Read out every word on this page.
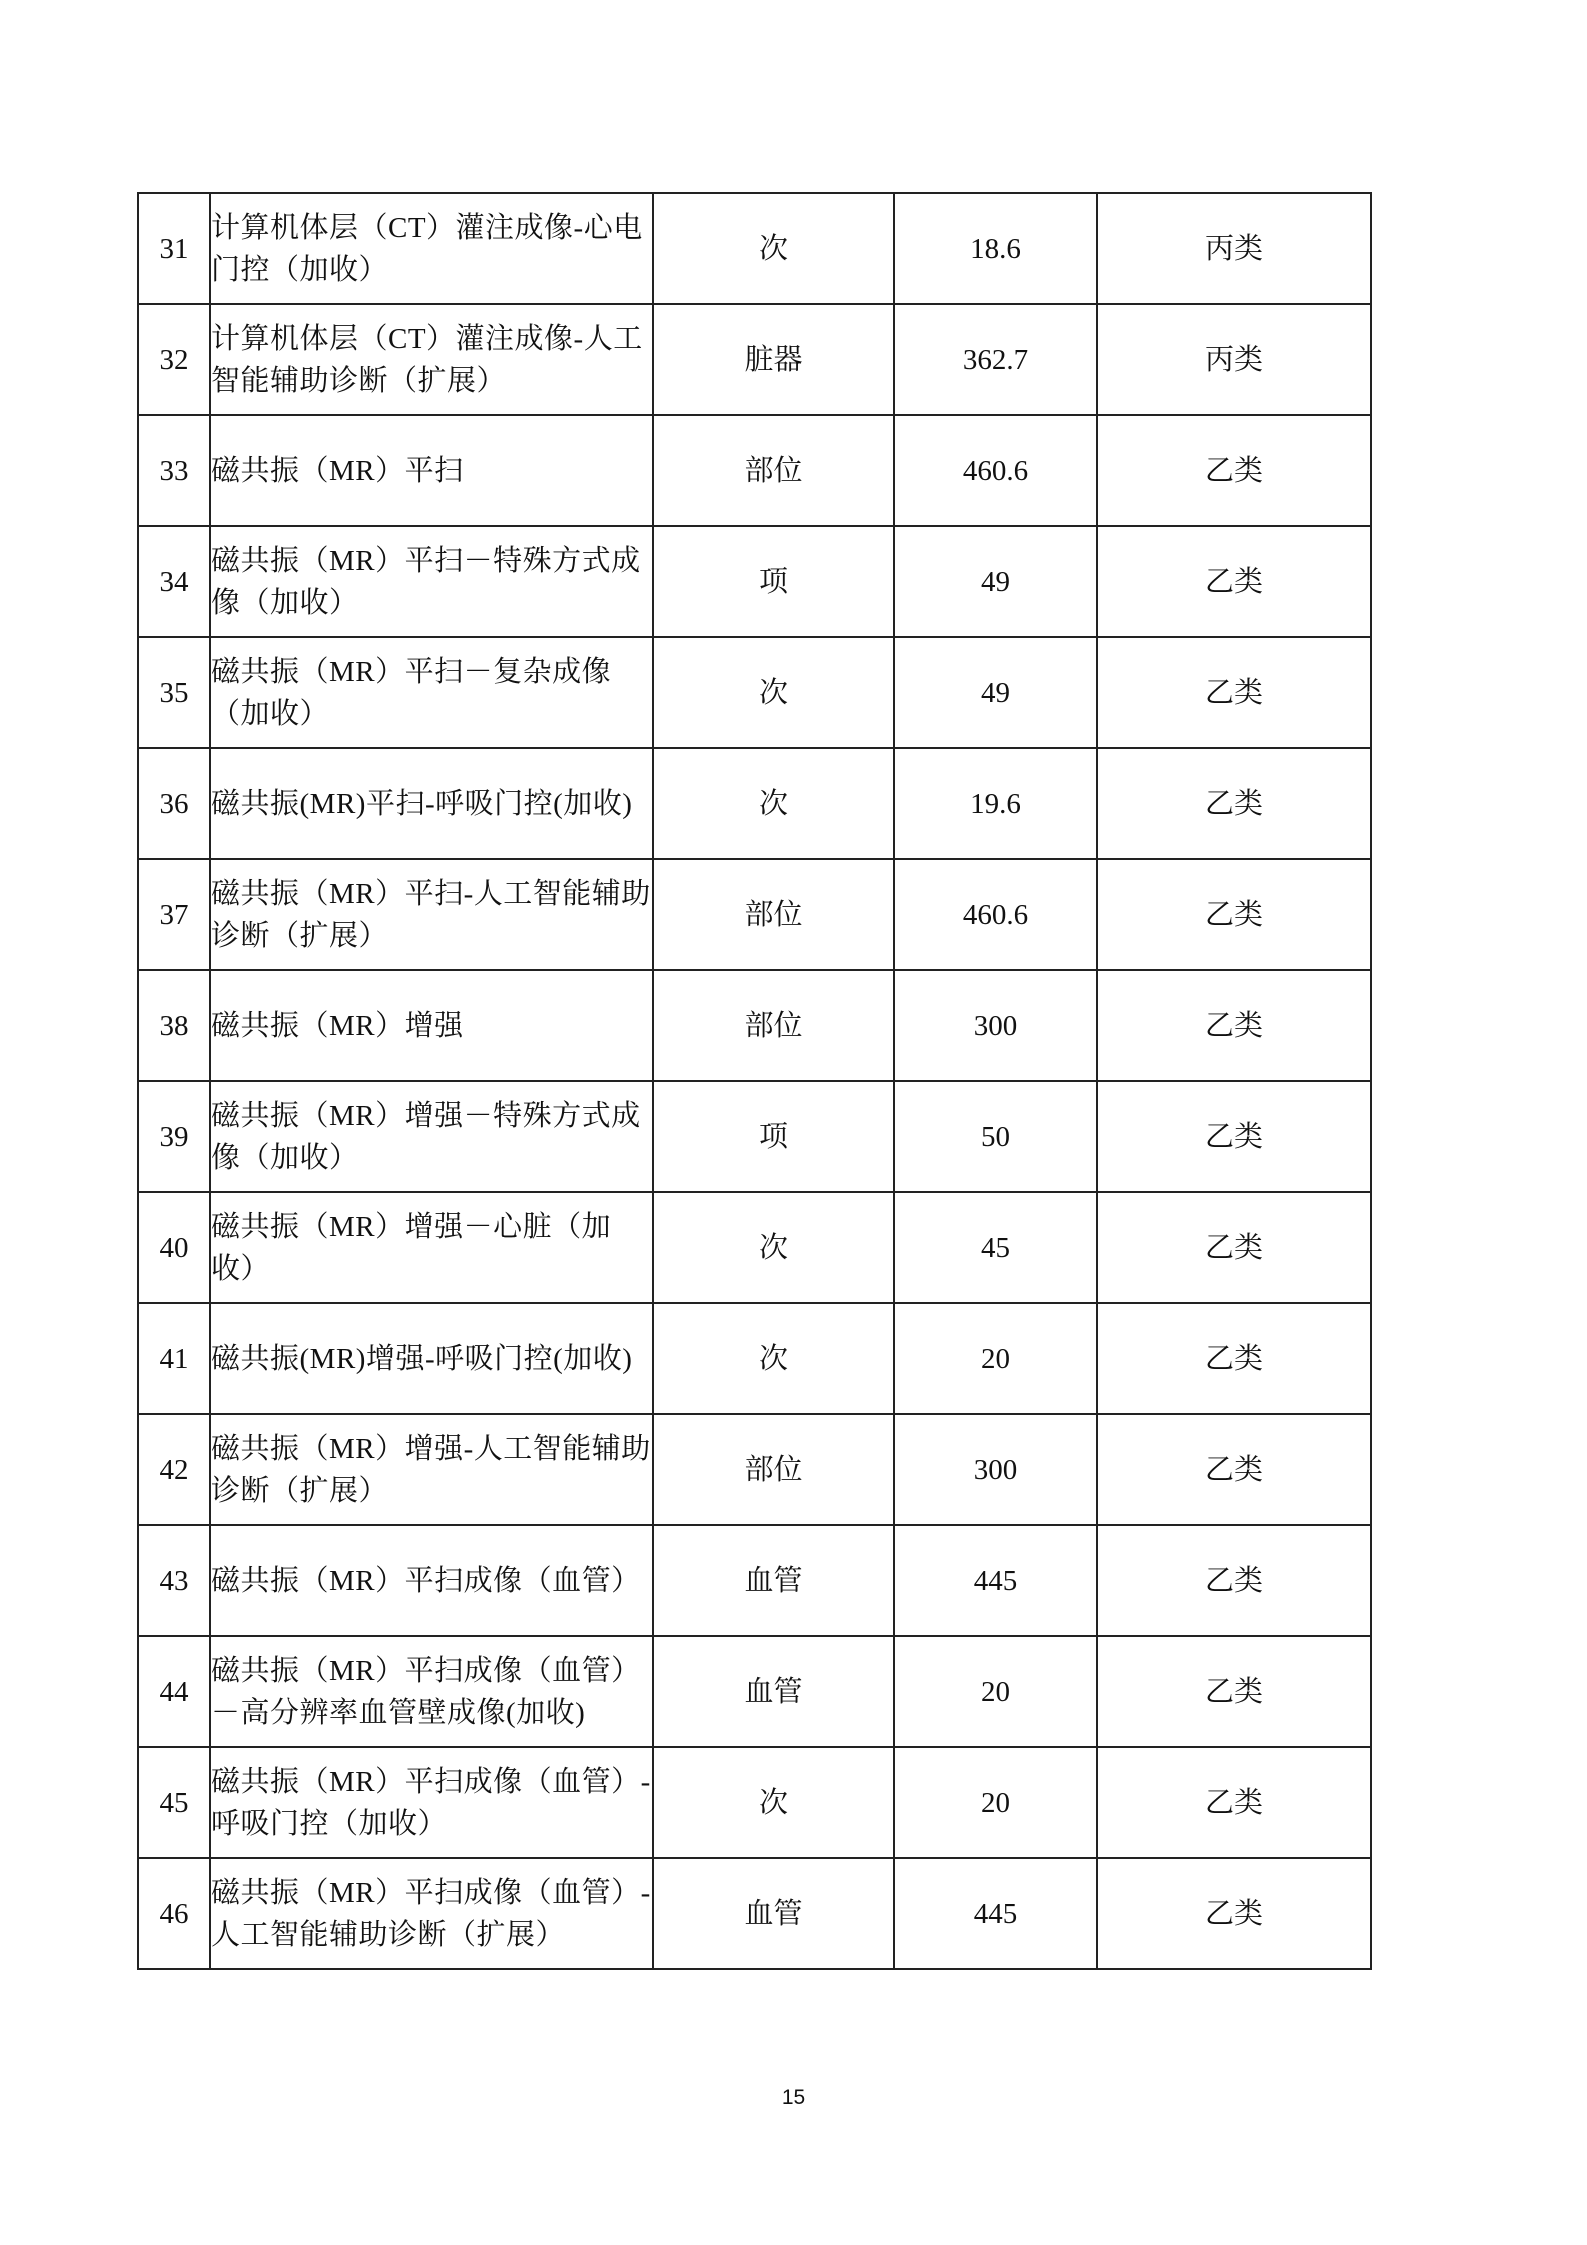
31	计算机体层（CT）灌注成像-心电门控（加收）	次	18.6	丙类
32	计算机体层（CT）灌注成像-人工智能辅助诊断（扩展）	脏器	362.7	丙类
33	磁共振（MR）平扫	部位	460.6	乙类
34	磁共振（MR）平扫－特殊方式成像（加收）	项	49	乙类
35	磁共振（MR）平扫－复杂成像（加收）	次	49	乙类
36	磁共振(MR)平扫-呼吸门控(加收)	次	19.6	乙类
37	磁共振（MR）平扫-人工智能辅助诊断（扩展）	部位	460.6	乙类
38	磁共振（MR）增强	部位	300	乙类
39	磁共振（MR）增强－特殊方式成像（加收）	项	50	乙类
40	磁共振（MR）增强－心脏（加收）	次	45	乙类
41	磁共振(MR)增强-呼吸门控(加收)	次	20	乙类
42	磁共振（MR）增强-人工智能辅助诊断（扩展）	部位	300	乙类
43	磁共振（MR）平扫成像（血管）	血管	445	乙类
44	磁共振（MR）平扫成像（血管）－高分辨率血管壁成像(加收)	血管	20	乙类
45	磁共振（MR）平扫成像（血管）-呼吸门控（加收）	次	20	乙类
46	磁共振（MR）平扫成像（血管）-人工智能辅助诊断（扩展）	血管	445	乙类
15
